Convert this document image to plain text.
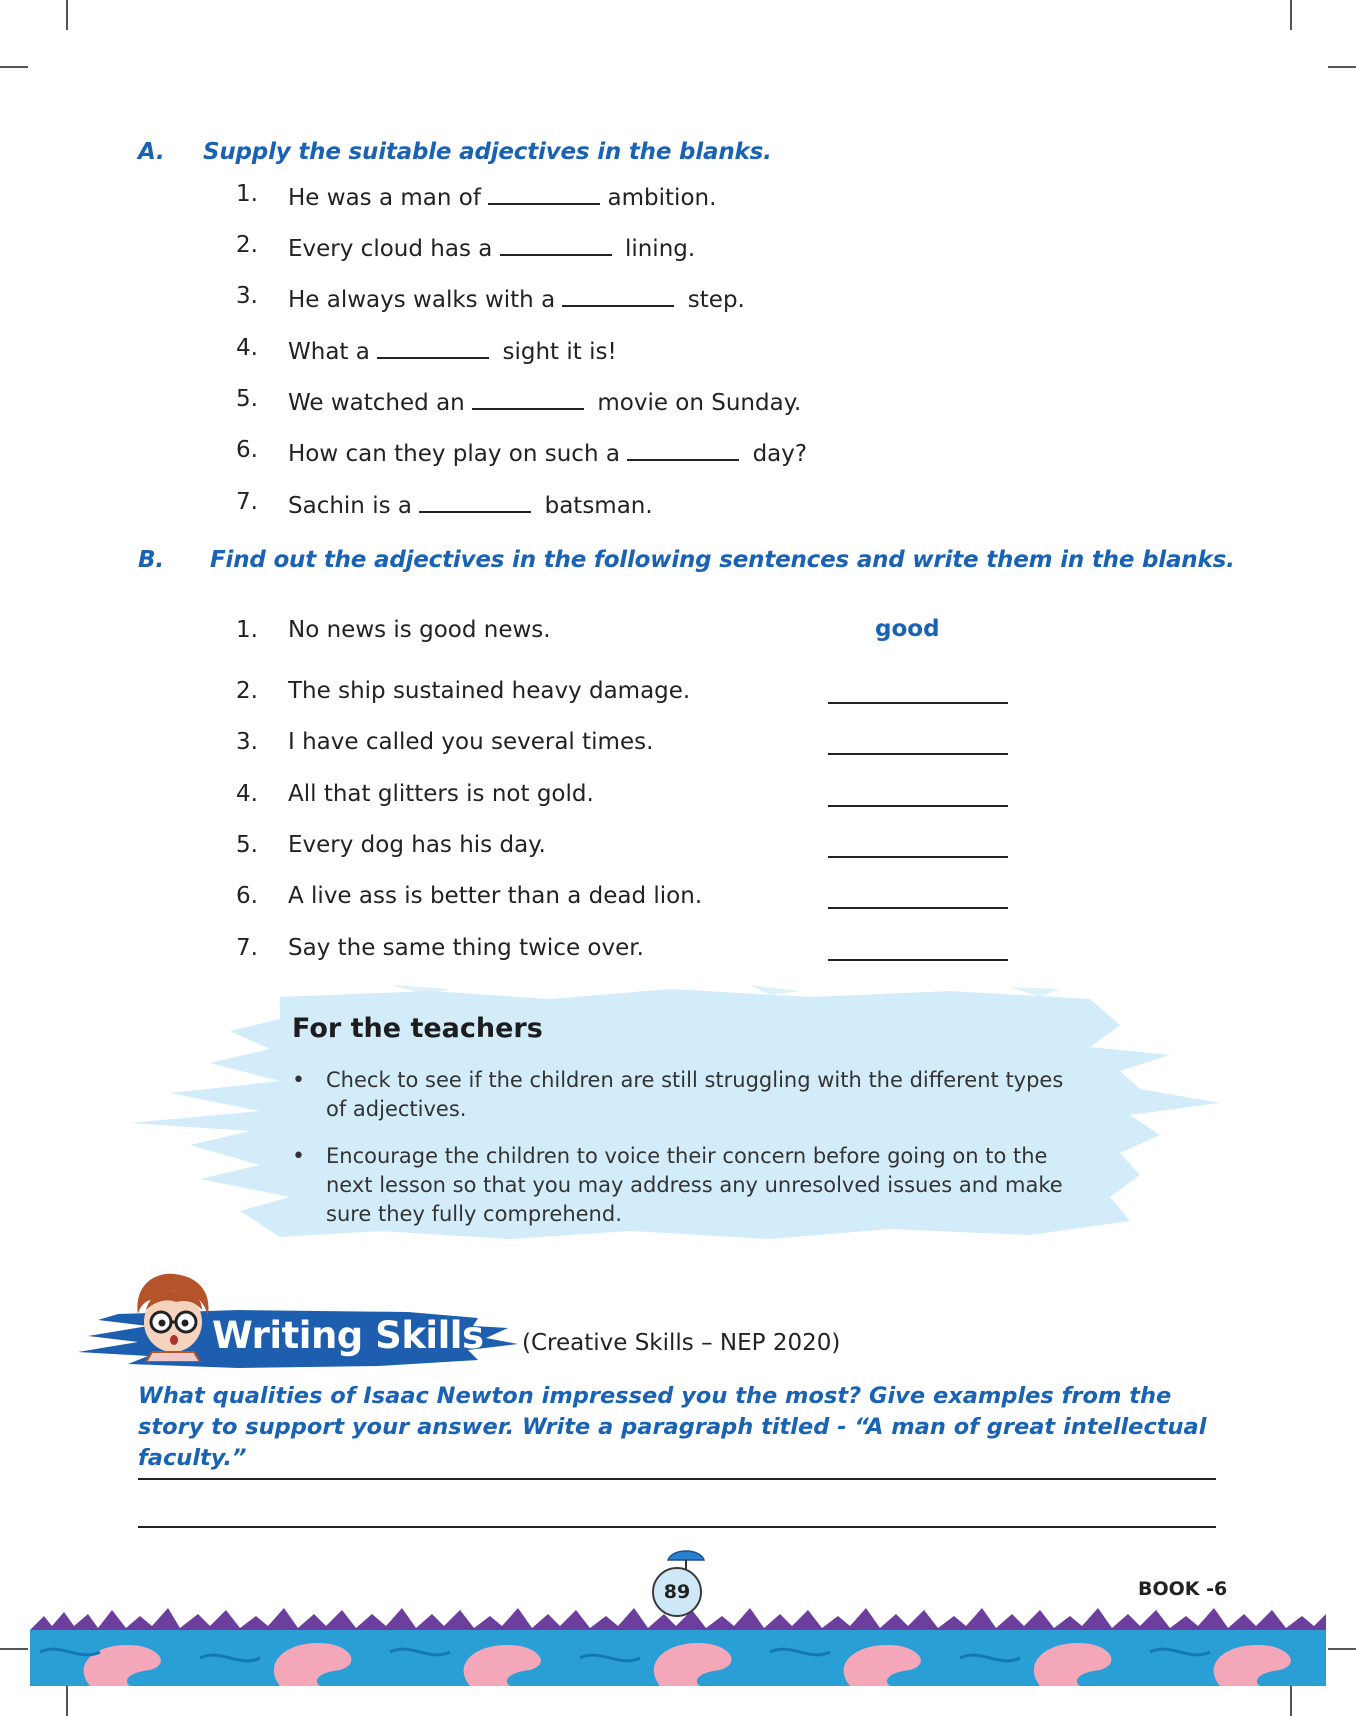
A. Supply the suitable adjectives in the blanks.
1. He was a man of	ambition.
2. Every cloud has a	lining.
3. He always walks with a	step.
4. What a	sight it is!
5. We watched an	movie on Sunday.
6. How can they play on such a	day?
7. Sachin is a	batsman.
B. Find out the adjectives in the following sentences and write them in the blanks.
1. No news is good news.	good
2. The ship sustained heavy damage.
3. I have called you several times.
4. All that glitters is not gold.
5. Every dog has his day.
6. A live ass is better than a dead lion.
7. Say the same thing twice over.
For the teachers
• Check to see if the children are still struggling with the different types of adjectives.
• Encourage the children to voice their concern before going on to the next lesson so that you may address any unresolved issues and make sure they fully comprehend.
Writing Skills (Creative Skills – NEP 2020)
What qualities of Isaac Newton impressed you the most? Give examples from the story to support your answer. Write a paragraph titled - “A man of great intellectual faculty.”
89	BOOK -6
